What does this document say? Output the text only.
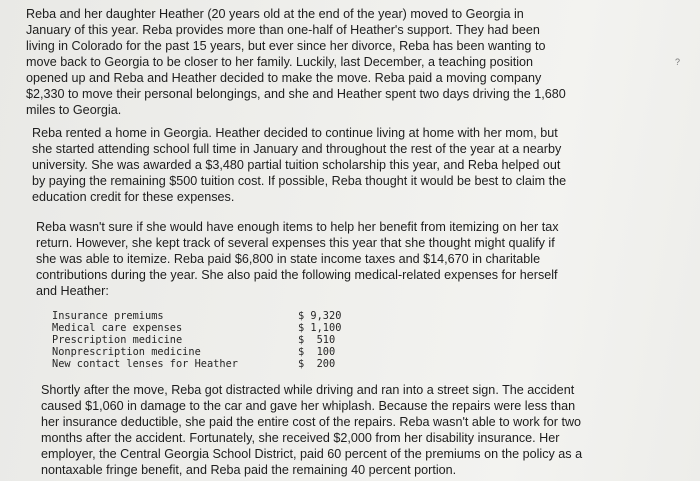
Reba and her daughter Heather (20 years old at the end of the year) moved to Georgia in
January of this year. Reba provides more than one-half of Heather's support. They had been
living in Colorado for the past 15 years, but ever since her divorce, Reba has been wanting to
move back to Georgia to be closer to her family. Luckily, last December, a teaching position
opened up and Reba and Heather decided to make the move. Reba paid a moving company
$2,330 to move their personal belongings, and she and Heather spent two days driving the 1,680
miles to Georgia.
Reba rented a home in Georgia. Heather decided to continue living at home with her mom, but
she started attending school full time in January and throughout the rest of the year at a nearby
university. She was awarded a $3,480 partial tuition scholarship this year, and Reba helped out
by paying the remaining $500 tuition cost. If possible, Reba thought it would be best to claim the
education credit for these expenses.
Reba wasn't sure if she would have enough items to help her benefit from itemizing on her tax
return. However, she kept track of several expenses this year that she thought might qualify if
she was able to itemize. Reba paid $6,800 in state income taxes and $14,670 in charitable
contributions during the year. She also paid the following medical-related expenses for herself
and Heather:
Insurance premiums	$ 9,320
Medical care expenses	$ 1,100
Prescription medicine	$  510
Nonprescription medicine	$  100
New contact lenses for Heather	$  200
Shortly after the move, Reba got distracted while driving and ran into a street sign. The accident
caused $1,060 in damage to the car and gave her whiplash. Because the repairs were less than
her insurance deductible, she paid the entire cost of the repairs. Reba wasn't able to work for two
months after the accident. Fortunately, she received $2,000 from her disability insurance. Her
employer, the Central Georgia School District, paid 60 percent of the premiums on the policy as a
nontaxable fringe benefit, and Reba paid the remaining 40 percent portion.
?
